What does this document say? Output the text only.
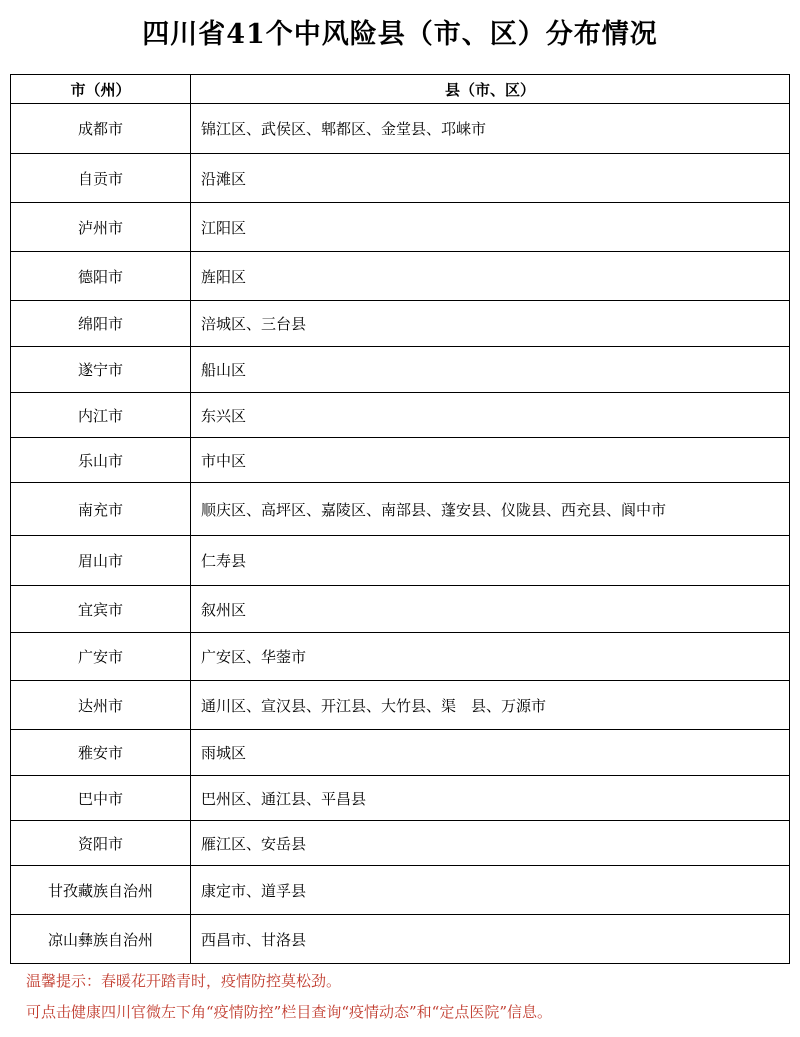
四川省41个中风险县（市、区）分布情况
市（州）	县（市、区）
成都市	锦江区、武侯区、郫都区、金堂县、邛崃市
自贡市	沿滩区
泸州市	江阳区
德阳市	旌阳区
绵阳市	涪城区、三台县
遂宁市	船山区
内江市	东兴区
乐山市	市中区
南充市	顺庆区、高坪区、嘉陵区、南部县、蓬安县、仪陇县、西充县、阆中市
眉山市	仁寿县
宜宾市	叙州区
广安市	广安区、华蓥市
达州市	通川区、宣汉县、开江县、大竹县、渠　县、万源市
雅安市	雨城区
巴中市	巴州区、通江县、平昌县
资阳市	雁江区、安岳县
甘孜藏族自治州	康定市、道孚县
凉山彝族自治州	西昌市、甘洛县
温馨提示：春暖花开踏青时，疫情防控莫松劲。
可点击健康四川官微左下角“疫情防控”栏目查询“疫情动态”和“定点医院”信息。
